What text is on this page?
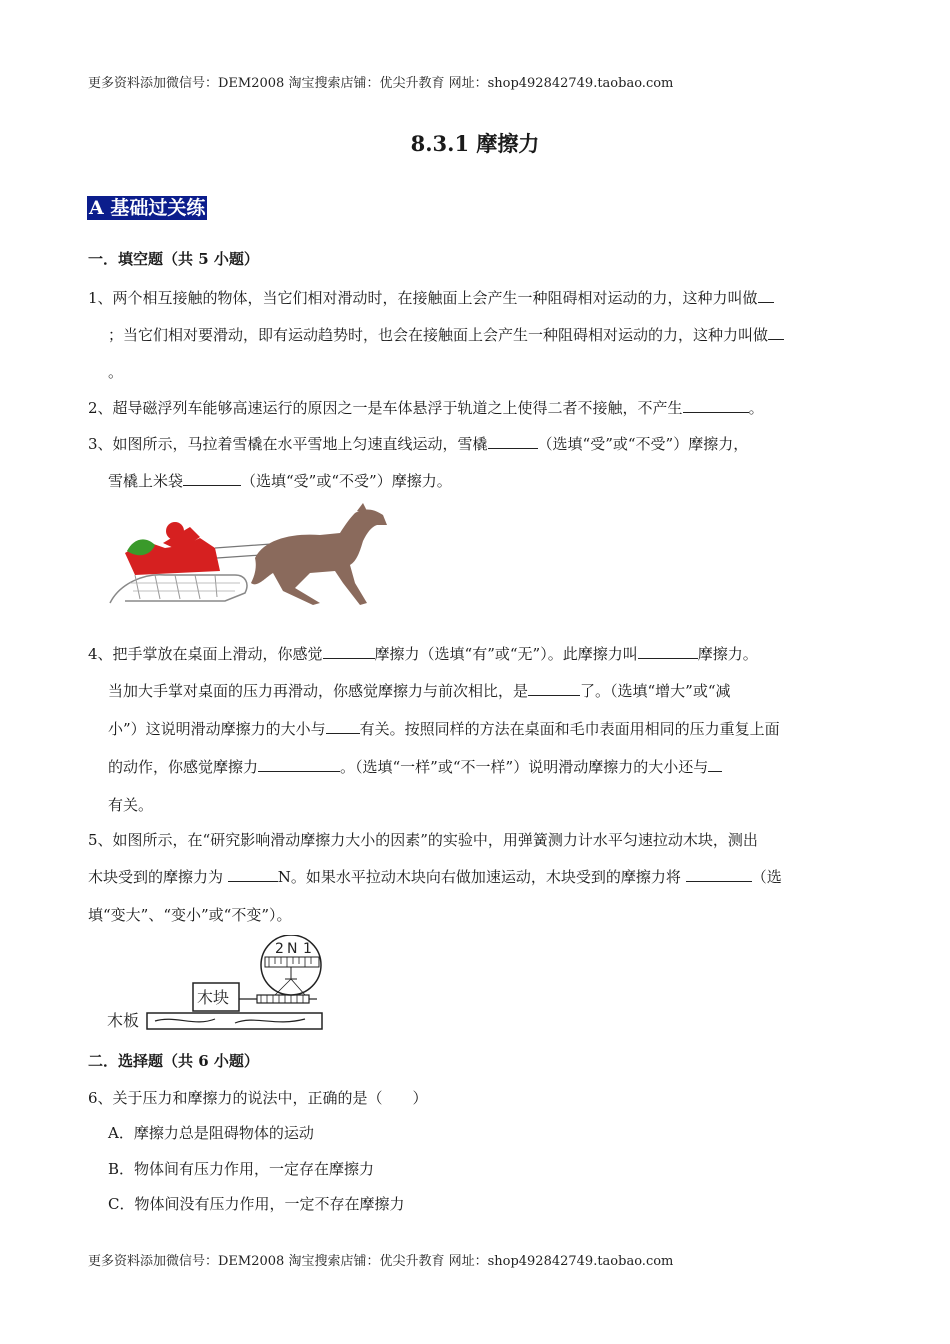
更多资料添加微信号：DEM2008 淘宝搜索店铺：优尖升教育 网址：shop492842749.taobao.com
8.3.1 摩擦力
A 基础过关练
一．填空题（共 5 小题）
1、两个相互接触的物体，当它们相对滑动时，在接触面上会产生一种阻碍相对运动的力，这种力叫做
；当它们相对要滑动，即有运动趋势时，也会在接触面上会产生一种阻碍相对运动的力，这种力叫做
。
2、超导磁浮列车能够高速运行的原因之一是车体悬浮于轨道之上使得二者不接触，不产生	。
3、如图所示，马拉着雪橇在水平雪地上匀速直线运动，雪橇	（选填“受”或“不受”）摩擦力，
雪橇上米袋	（选填“受”或“不受”）摩擦力。
4、把手掌放在桌面上滑动，你感觉	摩擦力（选填“有”或“无”）。此摩擦力叫	摩擦力。
当加大手掌对桌面的压力再滑动，你感觉摩擦力与前次相比，是	了。（选填“增大”或“减
小”）这说明滑动摩擦力的大小与 有关。按照同样的方法在桌面和毛巾表面用相同的压力重复上面
的动作，你感觉摩擦力	。（选填“一样”或“不一样”）说明滑动摩擦力的大小还与
有关。
5、如图所示，在“研究影响滑动摩擦力大小的因素”的实验中，用弹簧测力计水平匀速拉动木块，测出
木块受到的摩擦力为	N。如果水平拉动木块向右做加速运动，木块受到的摩擦力将	（选
填“变大”、“变小”或“不变”）。
木板
木块
2 N 1
二．选择题（共 6 小题）
6、关于压力和摩擦力的说法中，正确的是（　　）
A．摩擦力总是阻碍物体的运动
B．物体间有压力作用，一定存在摩擦力
C．物体间没有压力作用，一定不存在摩擦力
更多资料添加微信号：DEM2008 淘宝搜索店铺：优尖升教育 网址：shop492842749.taobao.com
